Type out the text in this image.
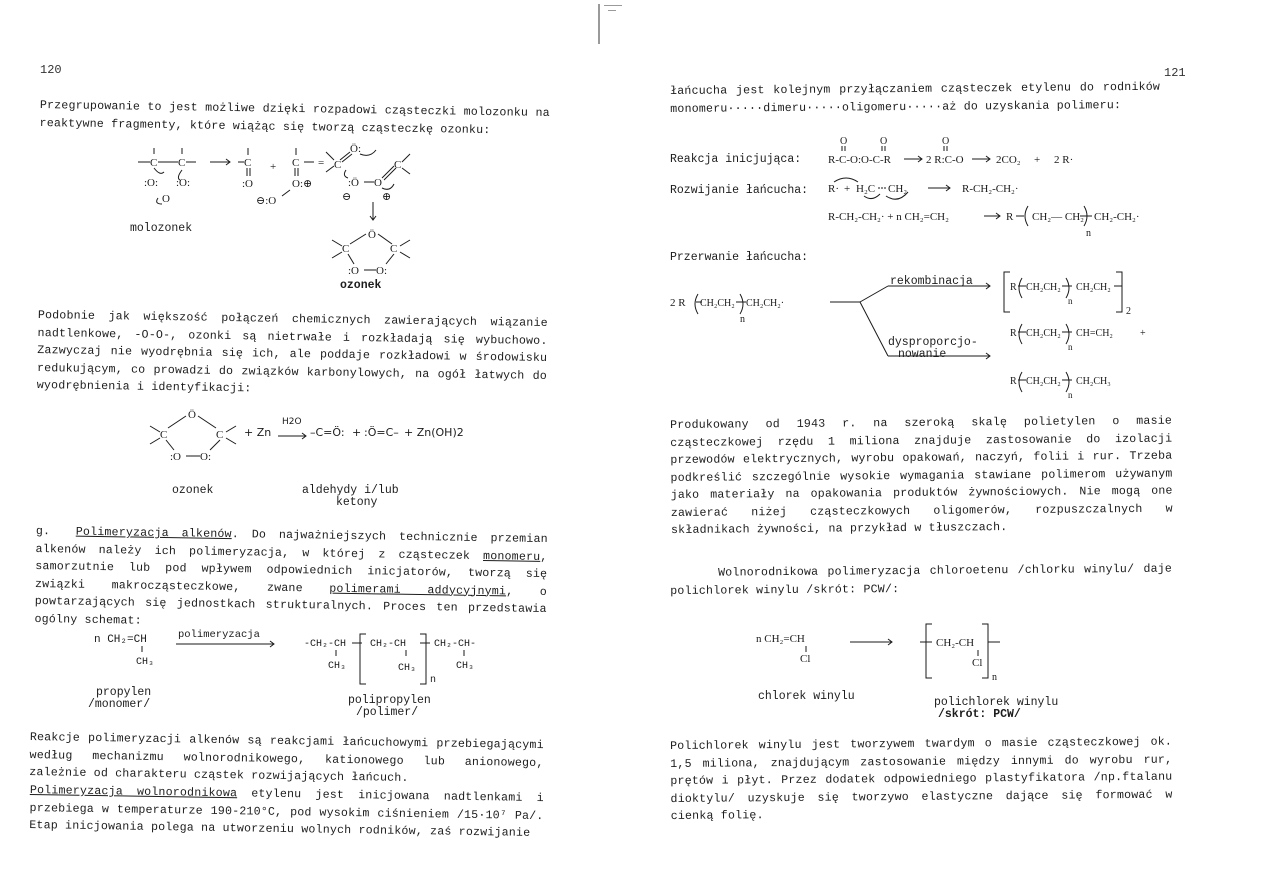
120
Przegrupowanie to jest możliwe dzięki rozpadowi cząsteczki molozonku na reaktywne fragmenty, które wiążąc się tworzą cząsteczkę ozonku:
C C
:O: :O:
O
C
:O
+ C
O:⊕
⊖:O
= C
Ö:
:Ö O
C
⊖	⊕
Ö
C	C
:O O:
molozonek
ozonek
Podobnie jak większość połączeń chemicznych zawierających wiązanie nadtlenkowe, -O-O-, ozonki są nietrwałe i rozkładają się wybuchowo. Zazwyczaj nie wyodrębnia się ich, ale poddaje rozkładowi w środowisku redukującym, co prowadzi do związków karbonylowych, na ogół łatwych do wyodrębnienia i identyfikacji:
Ö
C	C
:O O:
+ Zn
H2O
→ –C=Ö: + :Ö=C– + Zn(OH)2
ozonek	aldehydy i/lub
ketony
g. Polimeryzacja alkenów. Do najważniejszych technicznie przemian alkenów należy ich polimeryzacja, w której z cząsteczek monomeru, samorzutnie lub pod wpływem odpowiednich inicjatorów, tworzą się związki makrocząsteczkowe, zwane polimerami addycyjnymi, o powtarzających się jednostkach strukturalnych. Proces ten przedstawia ogólny schemat:
n CH₂=CH
CH₃
-CH₂-CH
CH₃
CH₂-CH
CH₃
n
CH₂-CH-
CH₃
polimeryzacja
propylen
/monomer/	polipropylen
/polimer/
Reakcje polimeryzacji alkenów są reakcjami łańcuchowymi przebiegającymi według mechanizmu wolnorodnikowego, kationowego lub anionowego, zależnie od charakteru cząstek rozwijających łańcuch.
Polimeryzacja wolnorodnikowa etylenu jest inicjowana nadtlenkami i przebiega w temperaturze 190-210°C, pod wysokim ciśnieniem /15·10⁷ Pa/. Etap inicjowania polega na utworzeniu wolnych rodników, zaś rozwijanie
121
łańcucha jest kolejnym przyłączaniem cząsteczek etylenu do rodników monomeru·····dimeru·····oligomeru·····aż do uzyskania polimeru:
Reakcja inicjująca:
O	O	O
R-C-O:O-C-R	2 R:C-O	2CO₂ + 2 R·
Rozwijanie łańcucha: R· + H₂C CH₂	R-CH₂-CH₂·
R-CH₂-CH₂· + n CH₂=CH₂	R CH₂— CH₂
n
CH₂-CH₂·
Przerwanie łańcucha:
2 R CH₂CH₂
n
CH₂CH₂·
R CH₂CH₂
n
CH₂CH₂
2
R CH₂CH₂
n
CH=CH₂	+
R CH₂CH₂
n
CH₂CH₃
rekombinacja
dysproporcjo-
nowanie
Produkowany od 1943 r. na szeroką skalę polietylen o masie cząsteczkowej rzędu 1 miliona znajduje zastosowanie do izolacji przewodów elektrycznych, wyrobu opakowań, naczyń, folii i rur. Trzeba podkreślić szczególnie wysokie wymagania stawiane polimerom używanym jako materiały na opakowania produktów żywnościowych. Nie mogą one zawierać niżej cząsteczkowych oligomerów, rozpuszczalnych w składnikach żywności, na przykład w tłuszczach.
Wolnorodnikowa polimeryzacja chloroetenu /chlorku winylu/ daje polichlorek winylu /skrót: PCW/:
n CH₂=CH
Cl
CH₂-CH
Cl
n
chlorek winylu	polichlorek winylu
/skrót: PCW/
Polichlorek winylu jest tworzywem twardym o masie cząsteczkowej ok. 1,5 miliona, znajdującym zastosowanie między innymi do wyrobu rur, prętów i płyt. Przez dodatek odpowiedniego plastyfikatora /np.ftalanu dioktylu/ uzyskuje się tworzywo elastyczne dające się formować w cienką folię.
